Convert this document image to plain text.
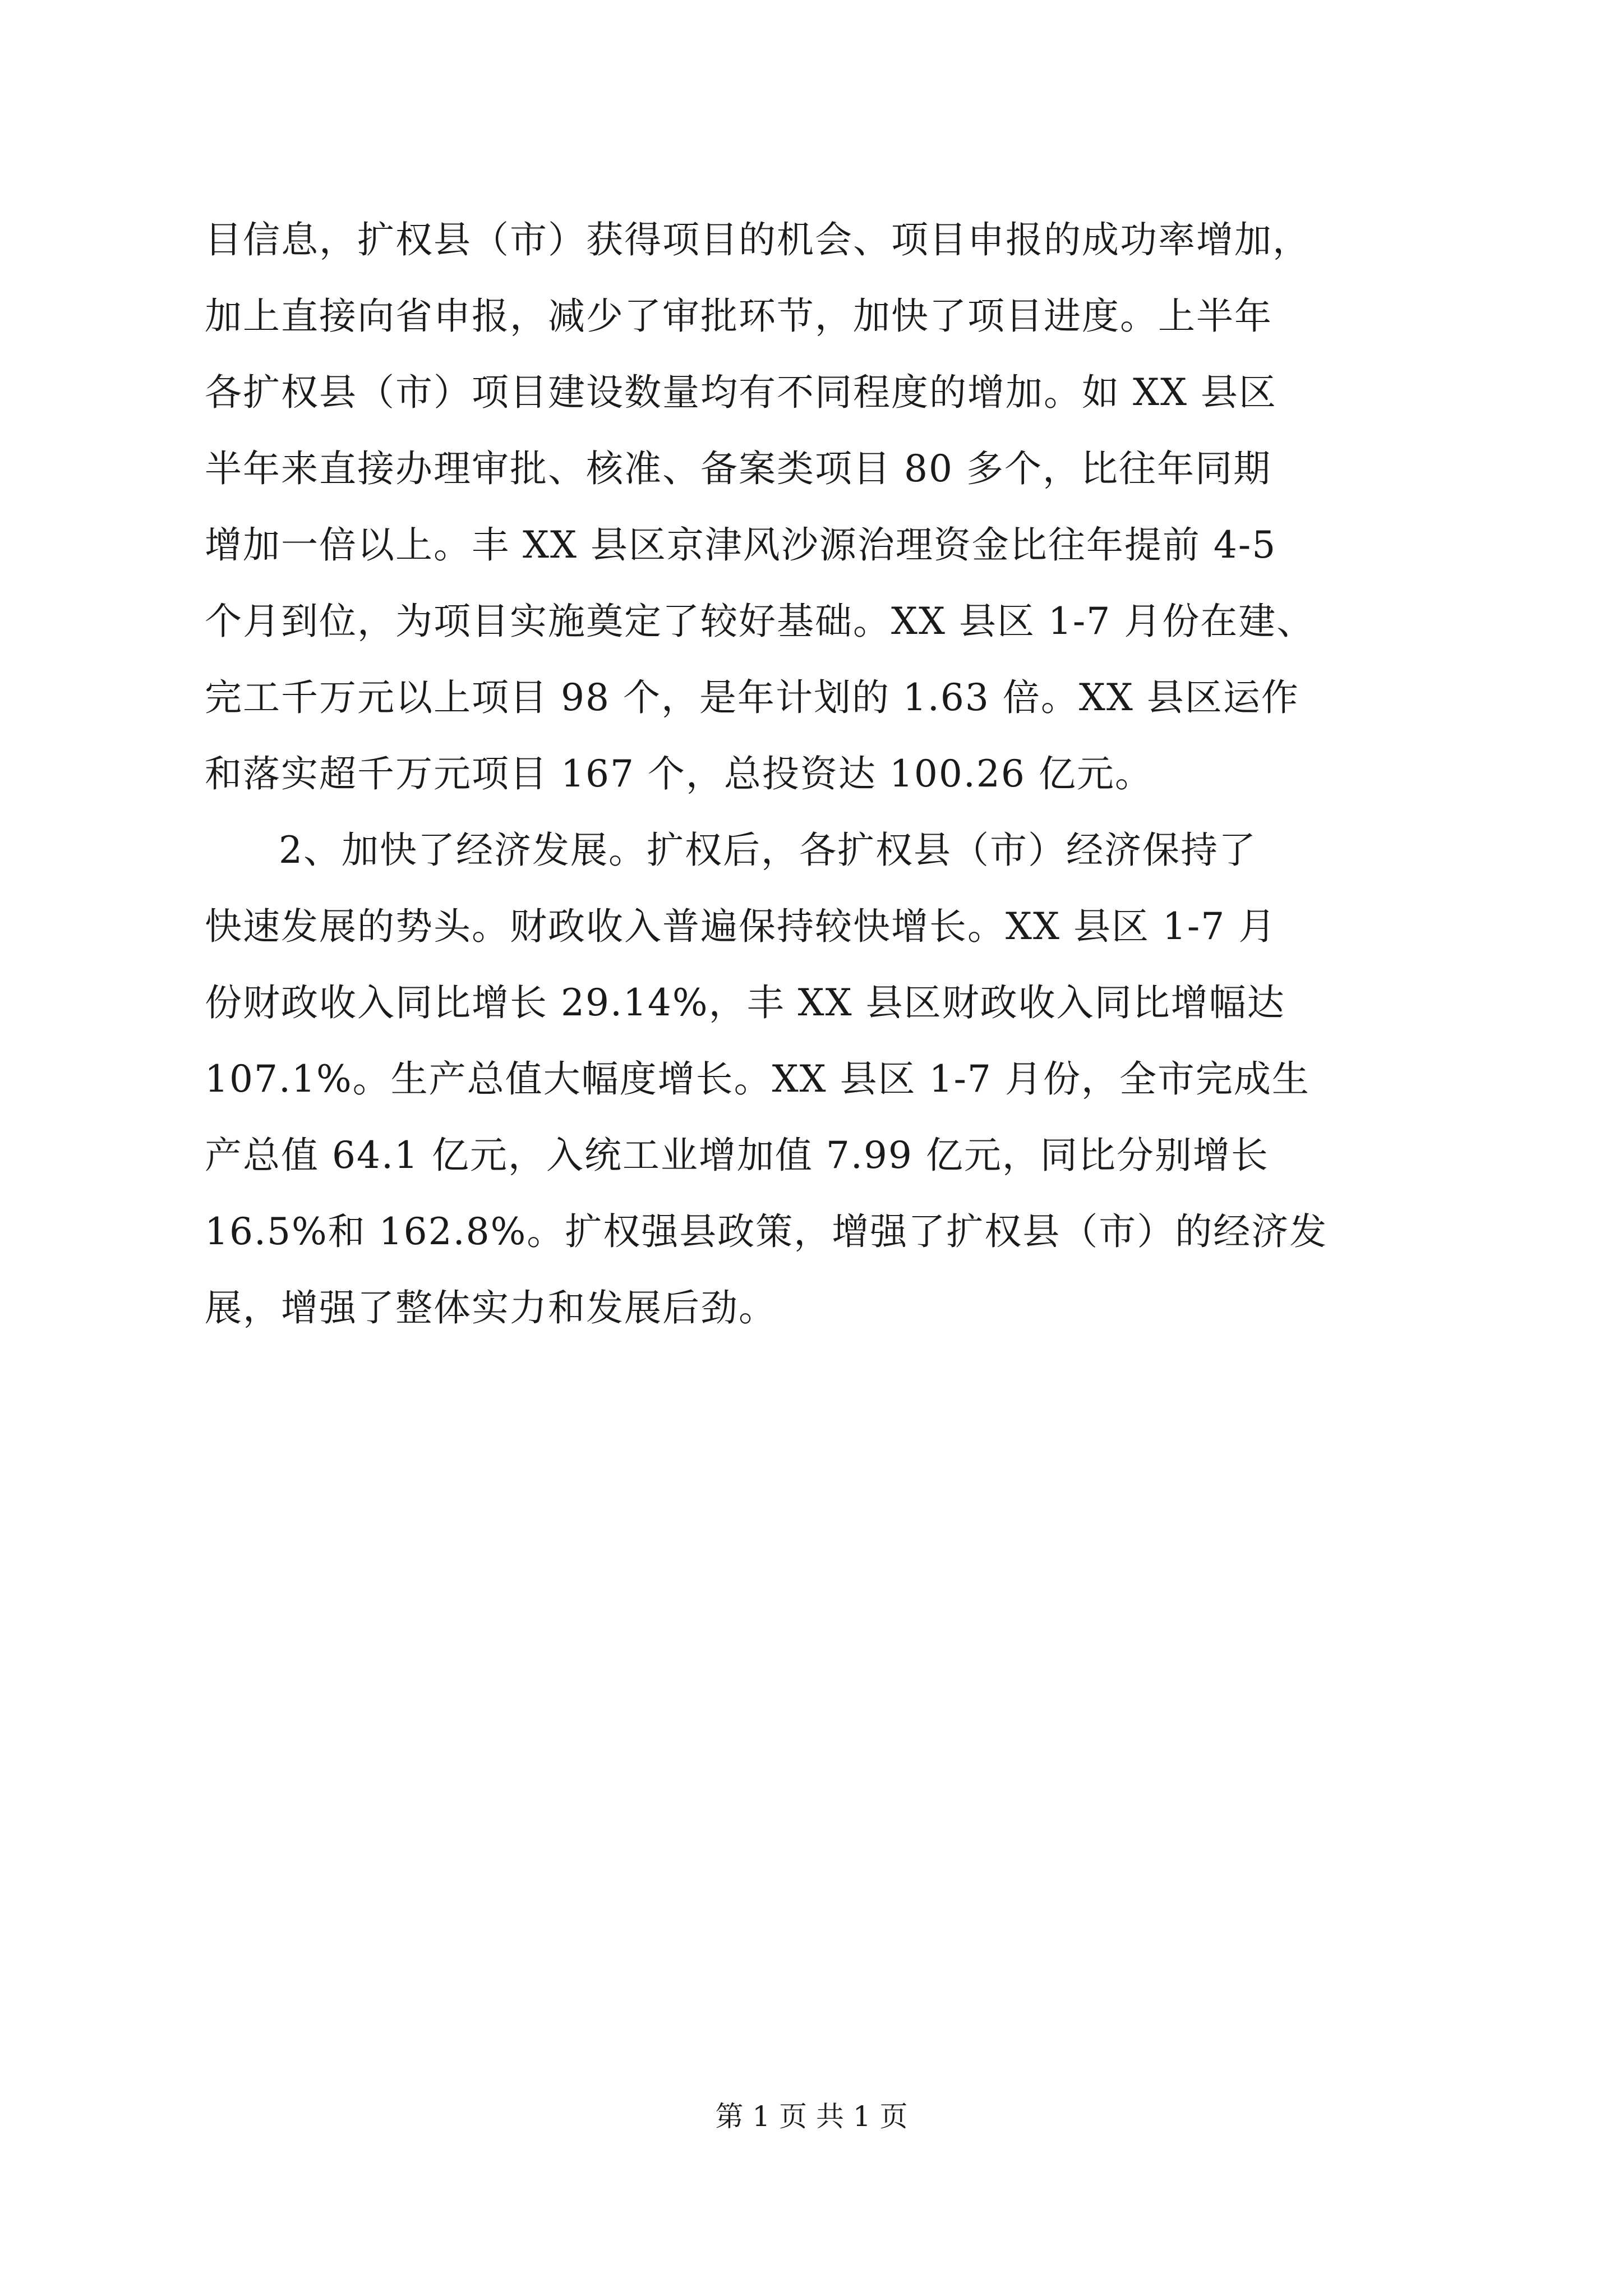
目信息，扩权县（市）获得项目的机会、项目申报的成功率增加，
加上直接向省申报，减少了审批环节，加快了项目进度。上半年
各扩权县（市）项目建设数量均有不同程度的增加。如 XX 县区
半年来直接办理审批、核准、备案类项目 80 多个，比往年同期
增加一倍以上。丰 XX 县区京津风沙源治理资金比往年提前 4-5
个月到位，为项目实施奠定了较好基础。XX 县区 1-7 月份在建、
完工千万元以上项目 98 个，是年计划的 1.63 倍。XX 县区运作
和落实超千万元项目 167 个，总投资达 100.26 亿元。
2、加快了经济发展。扩权后，各扩权县（市）经济保持了
快速发展的势头。财政收入普遍保持较快增长。XX 县区 1-7 月
份财政收入同比增长 29.14%，丰 XX 县区财政收入同比增幅达
107.1%。生产总值大幅度增长。XX 县区 1-7 月份，全市完成生
产总值 64.1 亿元，入统工业增加值 7.99 亿元，同比分别增长
16.5%和 162.8%。扩权强县政策，增强了扩权县（市）的经济发
展，增强了整体实力和发展后劲。
第 1 页 共 1 页
